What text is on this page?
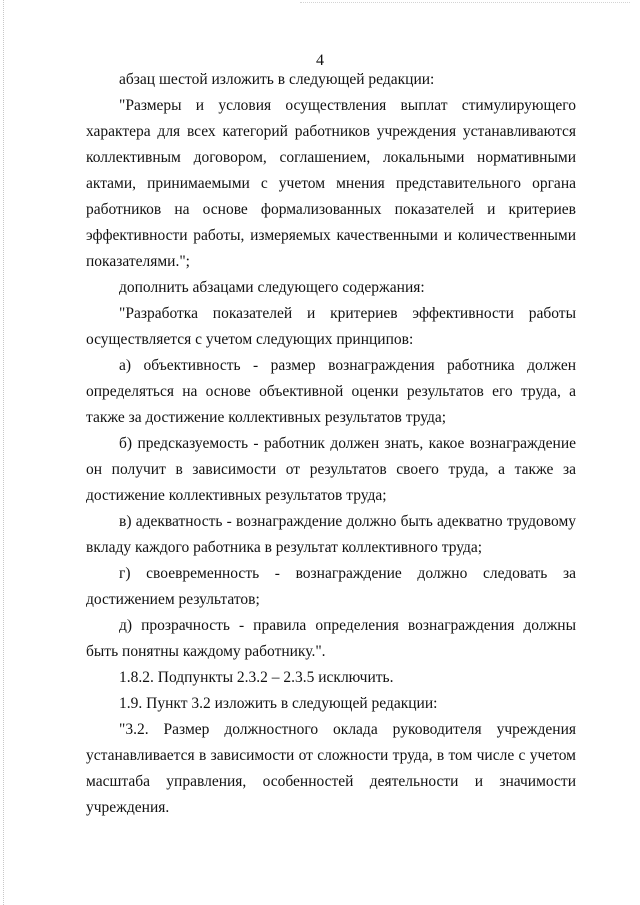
4

абзац шестой изложить в следующей редакции:

"Размеры и условия осуществления выплат стимулирующего характера для всех категорий работников учреждения устанавливаются коллективным договором, соглашением, локальными нормативными актами, принимаемыми с учетом мнения представительного органа работников на основе формализованных показателей и критериев эффективности работы, измеряемых качественными и количественными показателями.";

дополнить абзацами следующего содержания:

"Разработка показателей и критериев эффективности работы осуществляется с учетом следующих принципов:

а) объективность - размер вознаграждения работника должен определяться на основе объективной оценки результатов его труда, а также за достижение коллективных результатов труда;

б) предсказуемость - работник должен знать, какое вознаграждение он получит в зависимости от результатов своего труда, а также за достижение коллективных результатов труда;

в) адекватность - вознаграждение должно быть адекватно трудовому вкладу каждого работника в результат коллективного труда;

г) своевременность - вознаграждение должно следовать за достижением результатов;

д) прозрачность - правила определения вознаграждения должны быть понятны каждому работнику.".

1.8.2. Подпункты 2.3.2 – 2.3.5 исключить.

1.9. Пункт 3.2 изложить в следующей редакции:

"3.2. Размер должностного оклада руководителя учреждения устанавливается в зависимости от сложности труда, в том числе с учетом масштаба управления, особенностей деятельности и значимости учреждения.
